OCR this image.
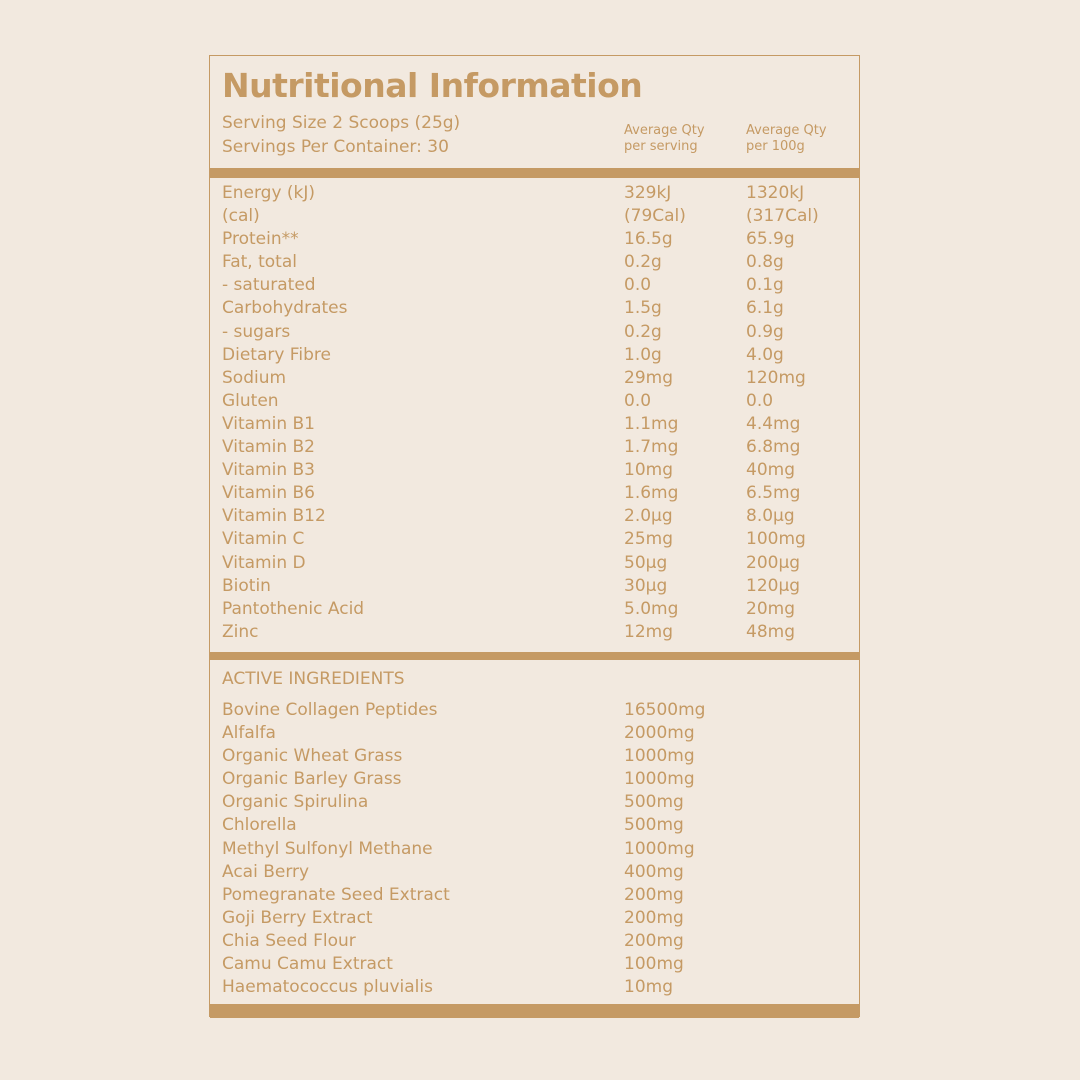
Nutritional Information
Serving Size 2 Scoops (25g)
Servings Per Container: 30
Average Qty
per serving
Average Qty
per 100g
Energy (kJ)	329kJ	1320kJ
(cal)	(79Cal)	(317Cal)
Protein**	16.5g	65.9g
Fat, total	0.2g	0.8g
- saturated	0.0	0.1g
Carbohydrates	1.5g	6.1g
- sugars	0.2g	0.9g
Dietary Fibre	1.0g	4.0g
Sodium	29mg	120mg
Gluten	0.0	0.0
Vitamin B1	1.1mg	4.4mg
Vitamin B2	1.7mg	6.8mg
Vitamin B3	10mg	40mg
Vitamin B6	1.6mg	6.5mg
Vitamin B12	2.0µg	8.0µg
Vitamin C	25mg	100mg
Vitamin D	50µg	200µg
Biotin	30µg	120µg
Pantothenic Acid	5.0mg	20mg
Zinc	12mg	48mg
ACTIVE INGREDIENTS
Bovine Collagen Peptides	16500mg
Alfalfa	2000mg
Organic Wheat Grass	1000mg
Organic Barley Grass	1000mg
Organic Spirulina	500mg
Chlorella	500mg
Methyl Sulfonyl Methane	1000mg
Acai Berry	400mg
Pomegranate Seed Extract	200mg
Goji Berry Extract	200mg
Chia Seed Flour	200mg
Camu Camu Extract	100mg
Haematococcus pluvialis	10mg
